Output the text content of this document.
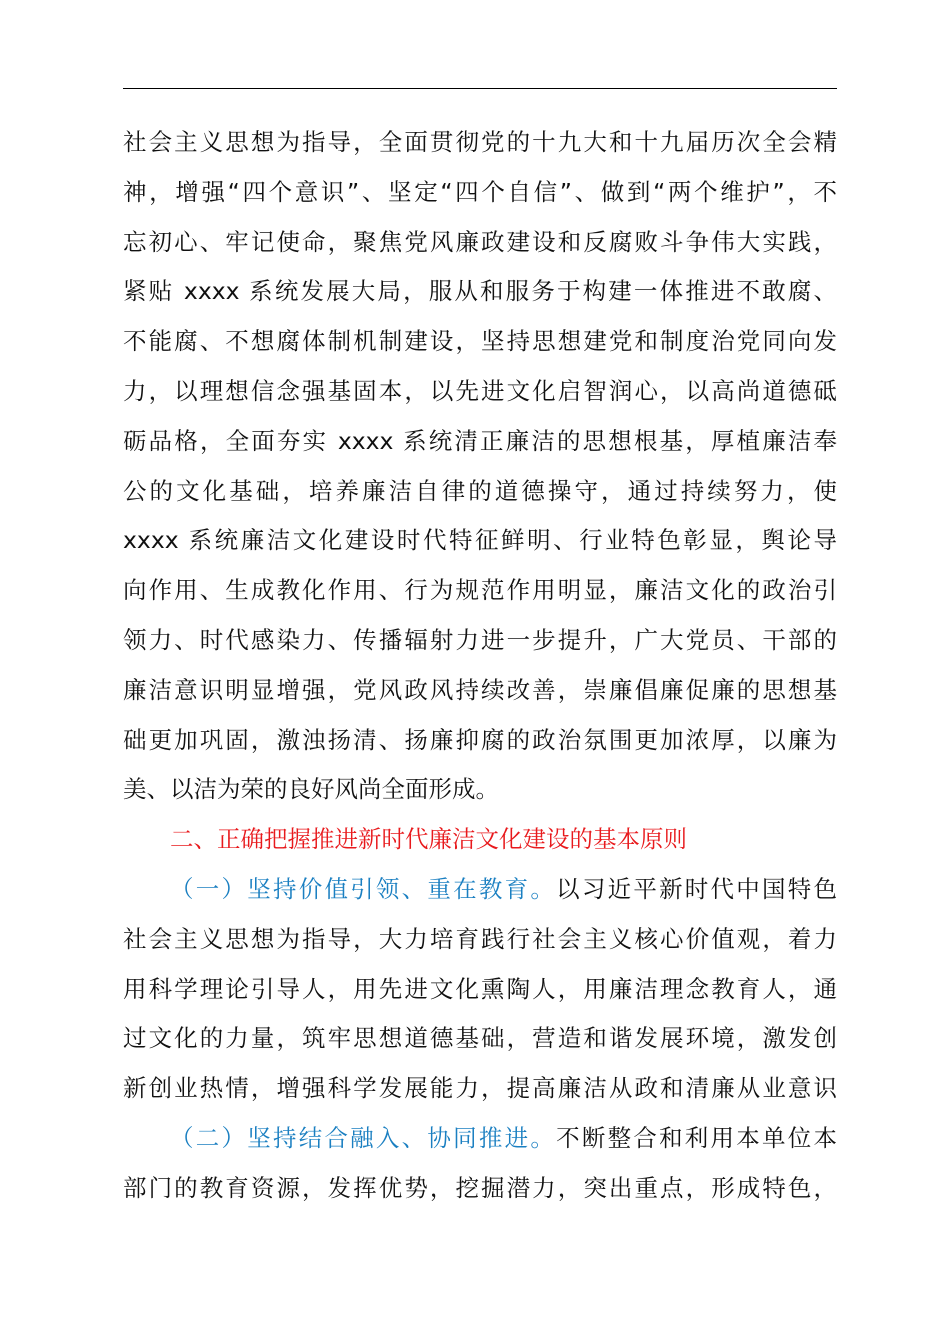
社会主义思想为指导，全面贯彻党的十九大和十九届历次全会精
神，增强“四个意识”、坚定“四个自信”、做到“两个维护”，不
忘初心、牢记使命，聚焦党风廉政建设和反腐败斗争伟大实践，
紧贴 xxxx 系统发展大局，服从和服务于构建一体推进不敢腐、
不能腐、不想腐体制机制建设，坚持思想建党和制度治党同向发
力，以理想信念强基固本，以先进文化启智润心，以高尚道德砥
砺品格，全面夯实 xxxx 系统清正廉洁的思想根基，厚植廉洁奉
公的文化基础，培养廉洁自律的道德操守，通过持续努力，使
xxxx 系统廉洁文化建设时代特征鲜明、行业特色彰显，舆论导
向作用、生成教化作用、行为规范作用明显，廉洁文化的政治引
领力、时代感染力、传播辐射力进一步提升，广大党员、干部的
廉洁意识明显增强，党风政风持续改善，崇廉倡廉促廉的思想基
础更加巩固，激浊扬清、扬廉抑腐的政治氛围更加浓厚，以廉为
美、以洁为荣的良好风尚全面形成。
二、正确把握推进新时代廉洁文化建设的基本原则
（一）坚持价值引领、重在教育。以习近平新时代中国特色
社会主义思想为指导，大力培育践行社会主义核心价值观，着力
用科学理论引导人，用先进文化熏陶人，用廉洁理念教育人，通
过文化的力量，筑牢思想道德基础，营造和谐发展环境，激发创
新创业热情，增强科学发展能力，提高廉洁从政和清廉从业意识
（二）坚持结合融入、协同推进。不断整合和利用本单位本
部门的教育资源，发挥优势，挖掘潜力，突出重点，形成特色，
